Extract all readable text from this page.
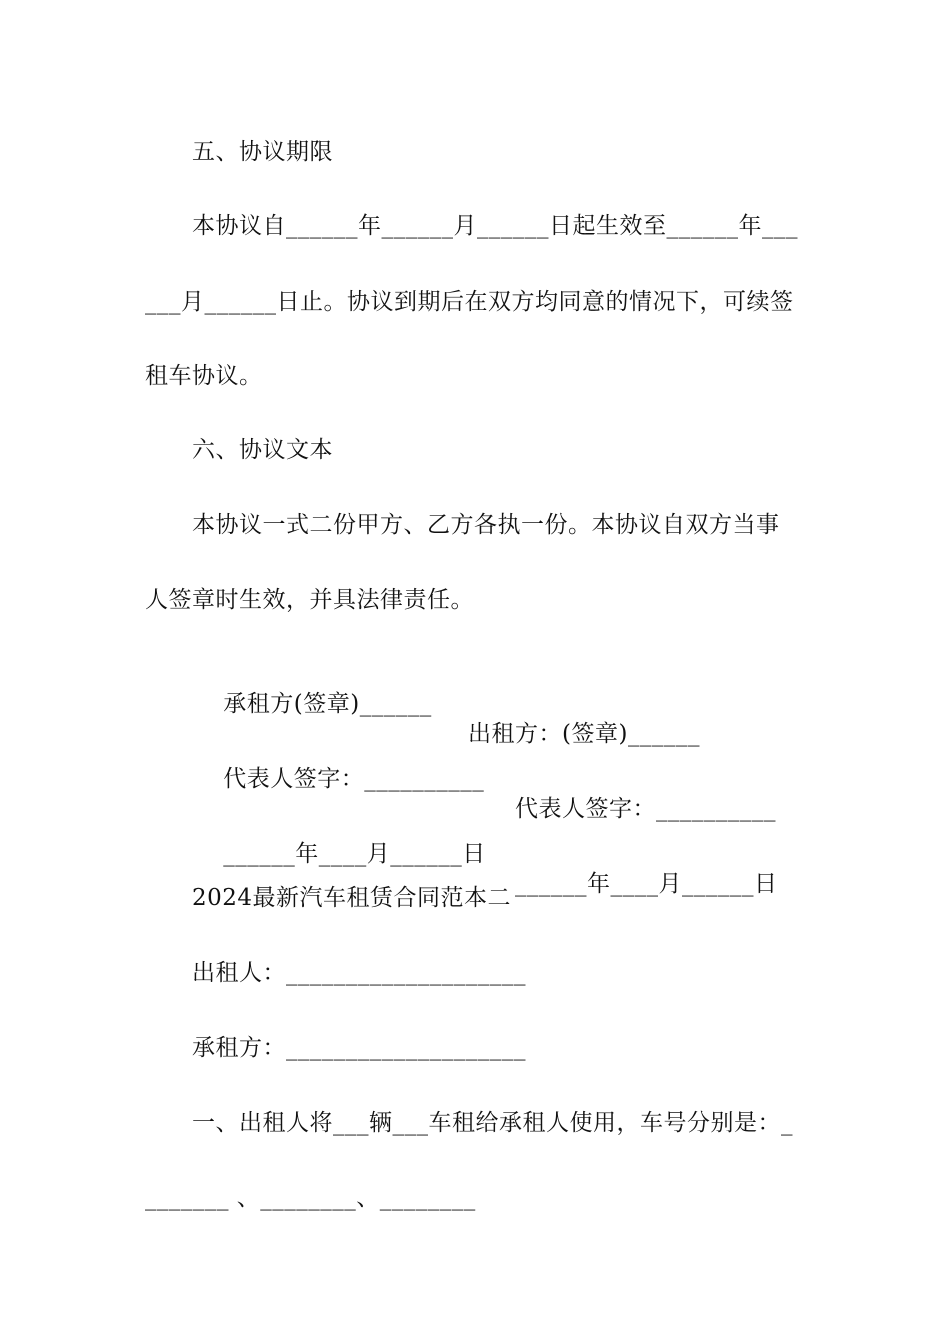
五、协议期限
本协议自______年______月______日起生效至______年___
___月______日止。协议到期后在双方均同意的情况下，可续签
租车协议。
六、协议文本
本协议一式二份甲方、乙方各执一份。本协议自双方当事
人签章时生效，并具法律责任。

承租方(签章)______

出租方：(签章)______

代表人签字：__________

代表人签字：__________

______年____月______日

______年____月______日

2024最新汽车租赁合同范本二
出租人：____________________
承租方：____________________
一、出租人将___辆___车租给承租人使用，车号分别是：_
_______ 、________、________
